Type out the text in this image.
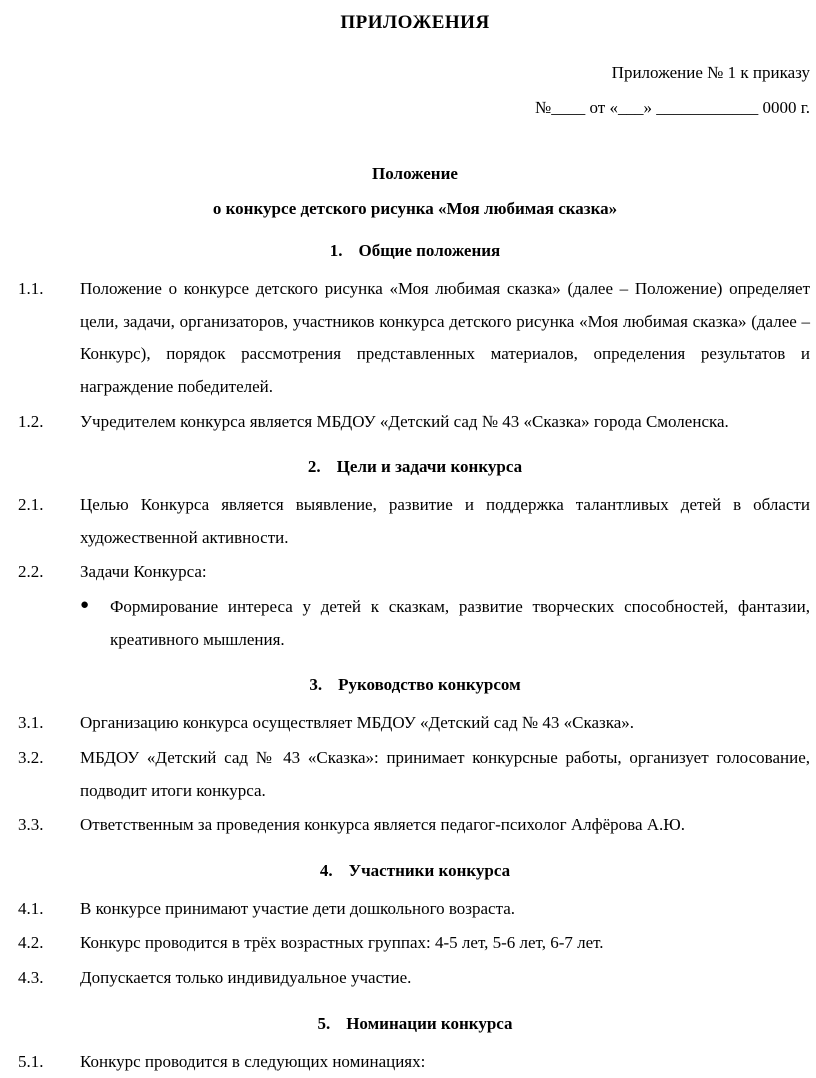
ПРИЛОЖЕНИЯ
Приложение № 1 к приказу
№____ от «___» ____________ 0000 г.
Положение
о конкурсе детского рисунка «Моя любимая сказка»
1. Общие положения
1.1.	Положение о конкурсе детского рисунка «Моя любимая сказка» (далее – Положение) определяет цели, задачи, организаторов, участников конкурса детского рисунка «Моя любимая сказка» (далее – Конкурс), порядок рассмотрения представленных материалов, определения результатов и награждение победителей.
1.2.	Учредителем конкурса является МБДОУ «Детский сад № 43 «Сказка» города Смоленска.
2. Цели и задачи конкурса
2.1.	Целью Конкурса является выявление, развитие и поддержка талантливых детей в области художественной активности.
2.2.	Задачи Конкурса:
●	Формирование интереса у детей к сказкам, развитие творческих способностей, фантазии, креативного мышления.
3. Руководство конкурсом
3.1.	Организацию конкурса осуществляет МБДОУ «Детский сад № 43 «Сказка».
3.2.	МБДОУ «Детский сад № 43 «Сказка»: принимает конкурсные работы, организует голосование, подводит итоги конкурса.
3.3.	Ответственным за проведения конкурса является педагог-психолог Алфёрова А.Ю.
4. Участники конкурса
4.1.	В конкурсе принимают участие дети дошкольного возраста.
4.2.	Конкурс проводится в трёх возрастных группах: 4-5 лет, 5-6 лет, 6-7 лет.
4.3.	Допускается только индивидуальное участие.
5. Номинации конкурса
5.1.	Конкурс проводится в следующих номинациях:
